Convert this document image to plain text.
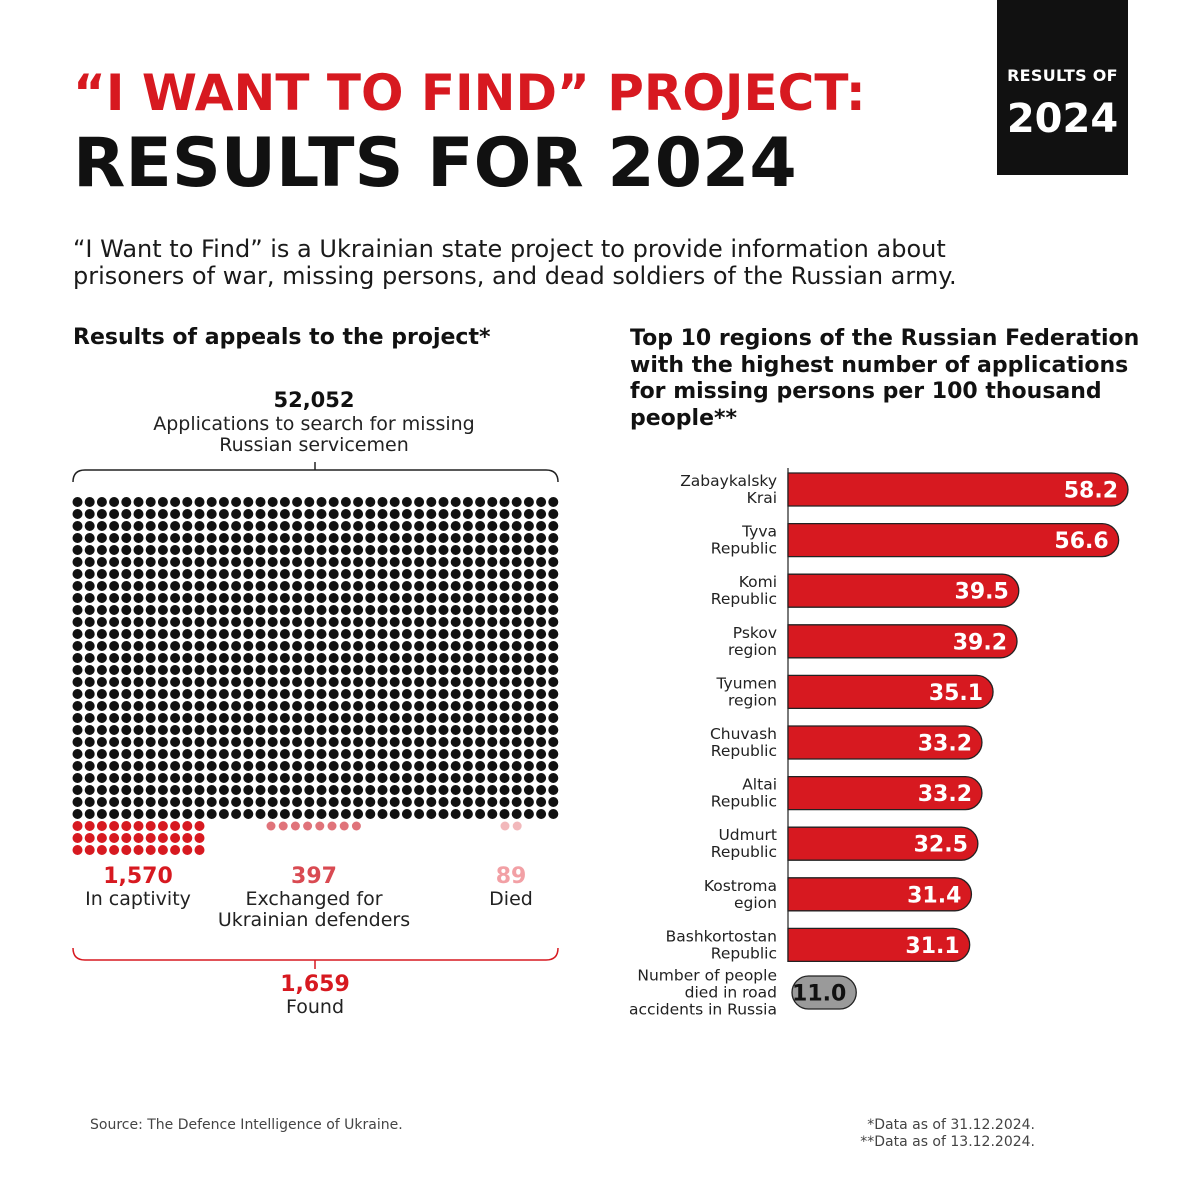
RESULTS OF
2024
“I WANT TO FIND” PROJECT:
RESULTS FOR 2024
“I Want to Find” is a Ukrainian state project to provide information about prisoners of war, missing persons, and dead soldiers of the Russian army.
Results of appeals to the project*	Top 10 regions of the Russian Federation with the highest number of applications for missing persons per 100 thousand people**
52,052
Applications to search for missing Russian servicemen
1,570
In captivity
397
Exchanged for Ukrainian defenders
89
Died
1,659
Found
58.2
Zabaykalsky Krai
56.6
Tyva Republic
39.5
Komi Republic
39.2
Pskov region
35.1
Tyumen region
33.2
Chuvash Republic
33.2
Altai Republic
32.5
Udmurt Republic
31.4
Kostroma egion
31.1
Bashkortostan Republic
11.0
Number of people died in road accidents in Russia
Source: The Defence Intelligence of Ukraine.	*Data as of 31.12.2024.
**Data as of 13.12.2024.
